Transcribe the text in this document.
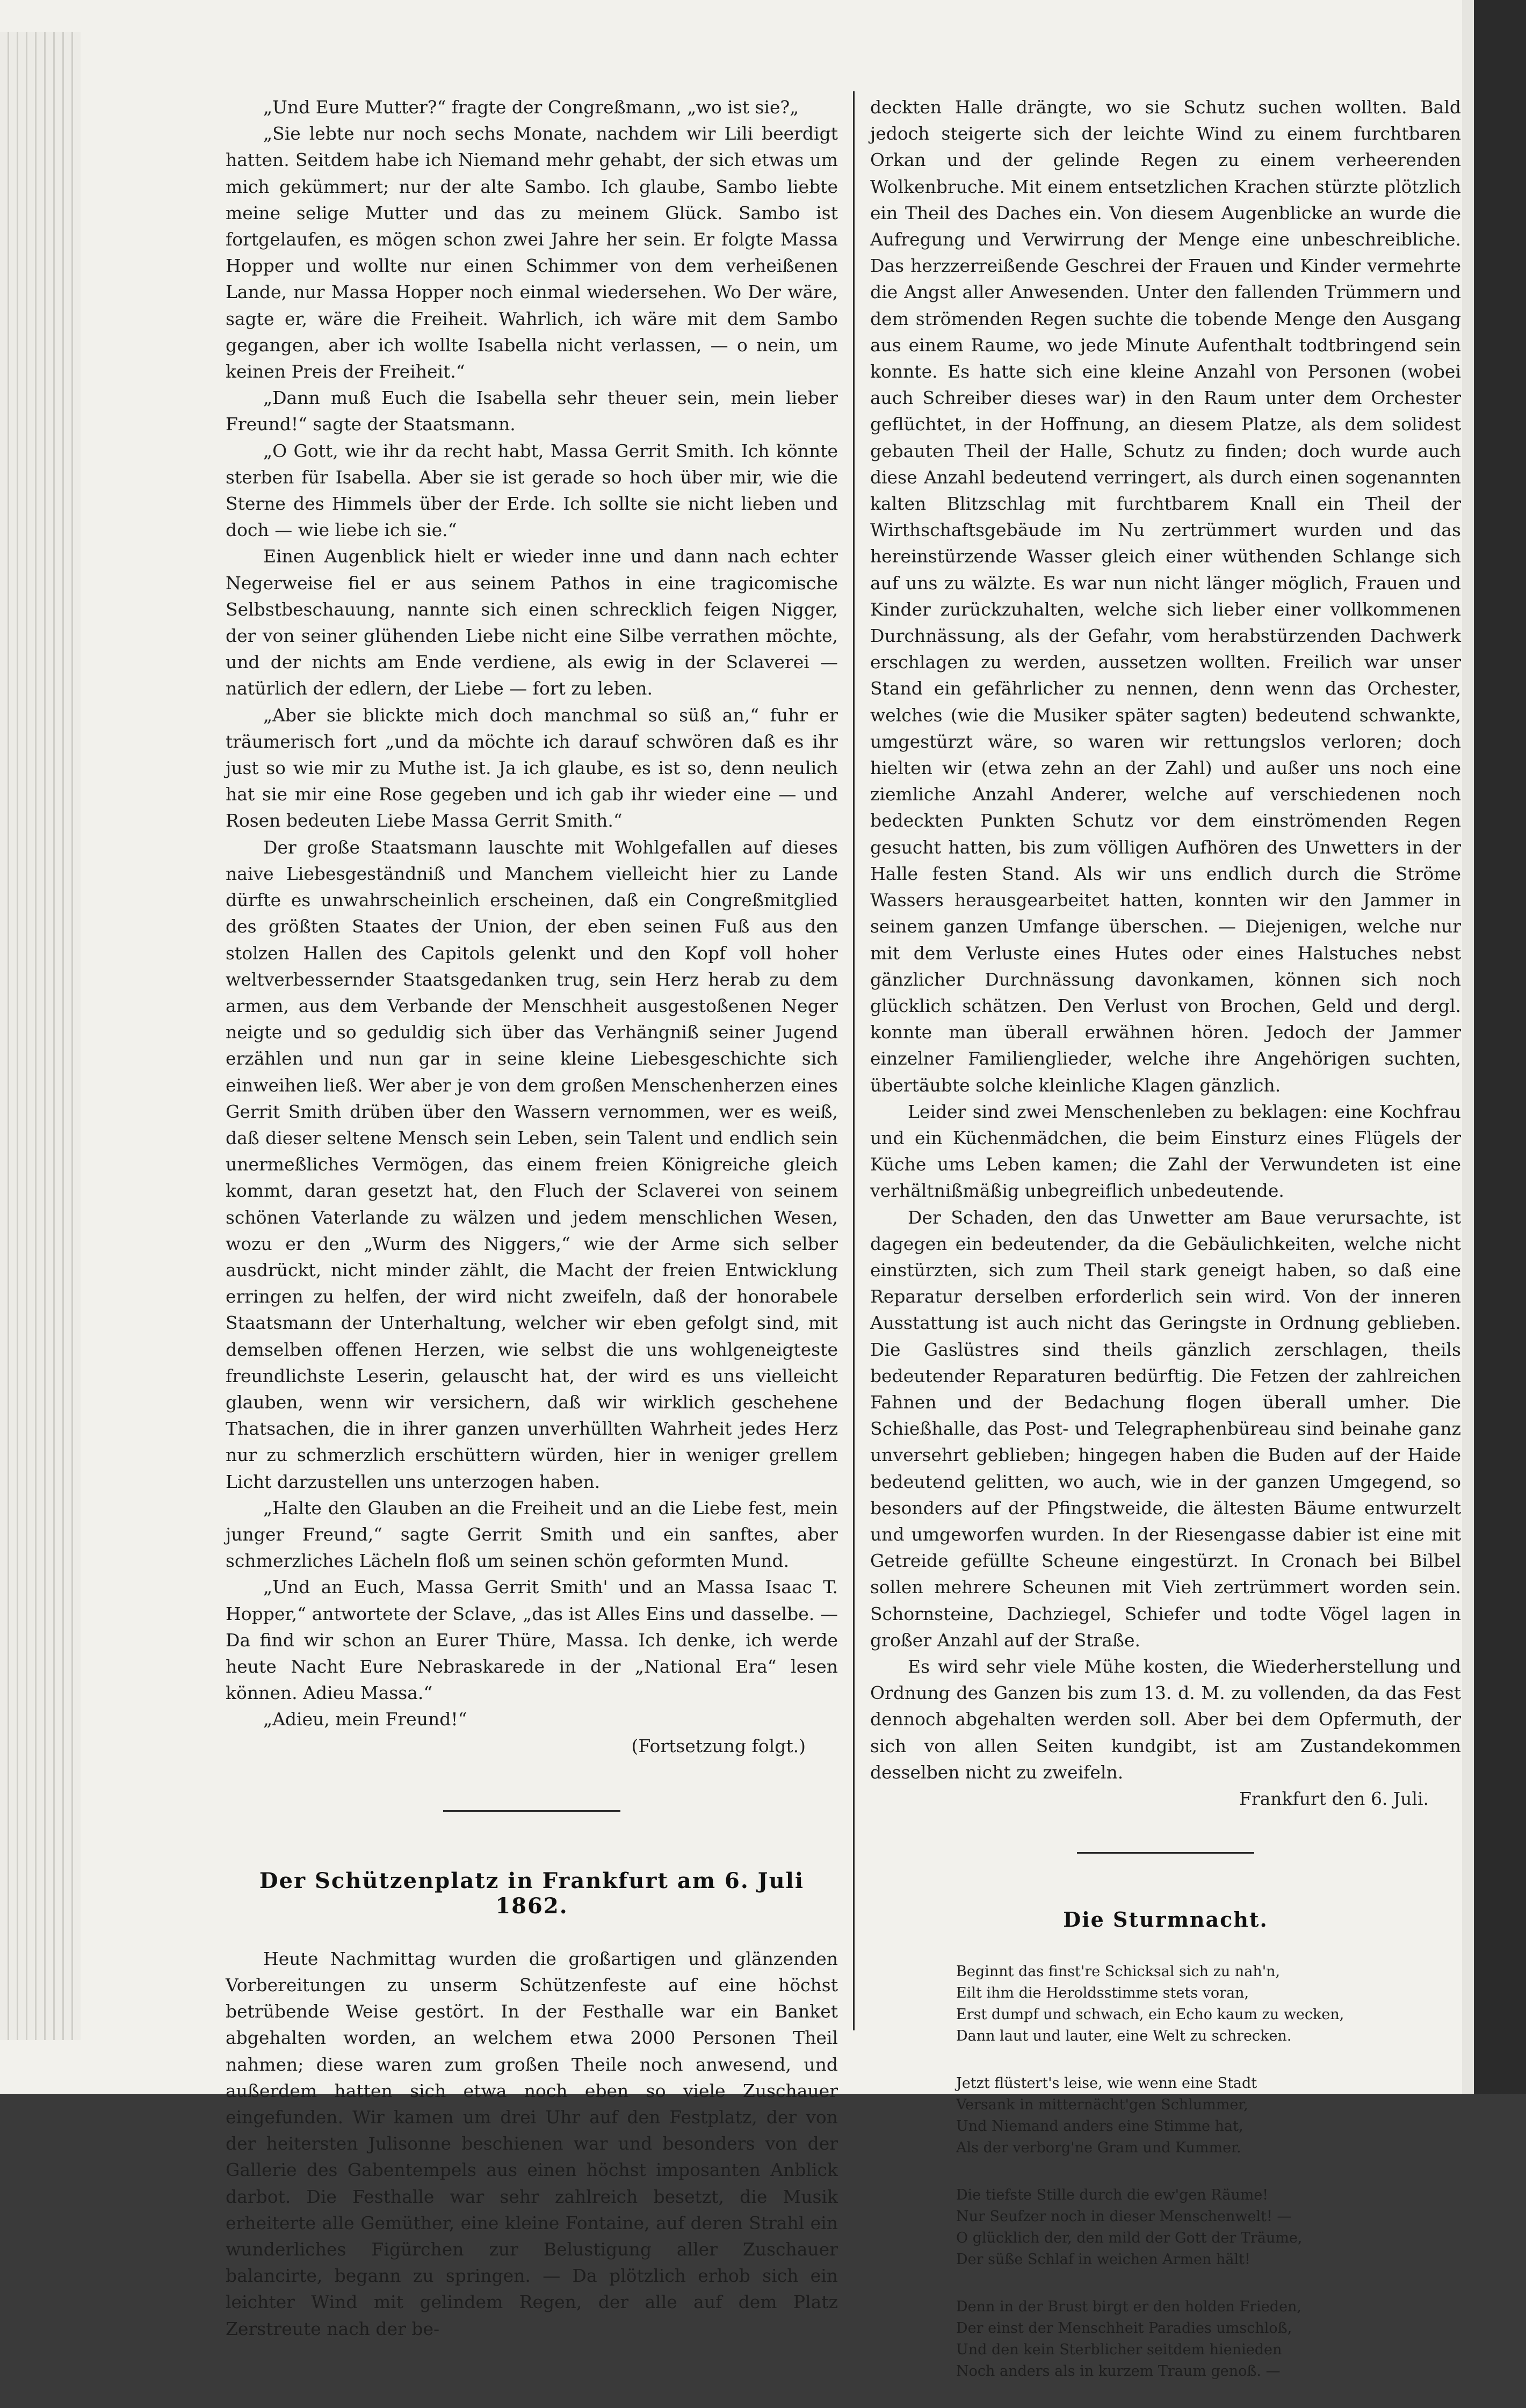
„Und Eure Mutter?“ fragte der Congreßmann, „wo ist sie?„

„Sie lebte nur noch sechs Monate, nachdem wir Lili beerdigt hatten. Seitdem habe ich Niemand mehr gehabt, der sich etwas um mich gekümmert; nur der alte Sambo. Ich glaube, Sambo liebte meine selige Mutter und das zu meinem Glück. Sambo ist fortgelaufen, es mögen schon zwei Jahre her sein. Er folgte Massa Hopper und wollte nur einen Schimmer von dem verheißenen Lande, nur Massa Hopper noch einmal wiedersehen. Wo Der wäre, sagte er, wäre die Freiheit. Wahrlich, ich wäre mit dem Sambo gegangen, aber ich wollte Isabella nicht verlassen, — o nein, um keinen Preis der Freiheit.“

„Dann muß Euch die Isabella sehr theuer sein, mein lieber Freund!“ sagte der Staatsmann.

„O Gott, wie ihr da recht habt, Massa Gerrit Smith. Ich könnte sterben für Isabella. Aber sie ist gerade so hoch über mir, wie die Sterne des Himmels über der Erde. Ich sollte sie nicht lieben und doch — wie liebe ich sie.“

Einen Augenblick hielt er wieder inne und dann nach echter Negerweise fiel er aus seinem Pathos in eine tragicomische Selbstbeschauung, nannte sich einen schrecklich feigen Nigger, der von seiner glühenden Liebe nicht eine Silbe verrathen möchte, und der nichts am Ende verdiene, als ewig in der Sclaverei — natürlich der edlern, der Liebe — fort zu leben.

„Aber sie blickte mich doch manchmal so süß an,“ fuhr er träumerisch fort „und da möchte ich darauf schwören daß es ihr just so wie mir zu Muthe ist. Ja ich glaube, es ist so, denn neulich hat sie mir eine Rose gegeben und ich gab ihr wieder eine — und Rosen bedeuten Liebe Massa Gerrit Smith.“

Der große Staatsmann lauschte mit Wohlgefallen auf dieses naive Liebesgeständniß und Manchem vielleicht hier zu Lande dürfte es unwahrscheinlich erscheinen, daß ein Congreßmitglied des größten Staates der Union, der eben seinen Fuß aus den stolzen Hallen des Capitols gelenkt und den Kopf voll hoher weltverbessernder Staatsgedanken trug, sein Herz herab zu dem armen, aus dem Verbande der Menschheit ausgestoßenen Neger neigte und so geduldig sich über das Verhängniß seiner Jugend erzählen und nun gar in seine kleine Liebesgeschichte sich einweihen ließ. Wer aber je von dem großen Menschenherzen eines Gerrit Smith drüben über den Wassern vernommen, wer es weiß, daß dieser seltene Mensch sein Leben, sein Talent und endlich sein unermeßliches Vermögen, das einem freien Königreiche gleich kommt, daran gesetzt hat, den Fluch der Sclaverei von seinem schönen Vaterlande zu wälzen und jedem menschlichen Wesen, wozu er den „Wurm des Niggers,“ wie der Arme sich selber ausdrückt, nicht minder zählt, die Macht der freien Entwicklung erringen zu helfen, der wird nicht zweifeln, daß der honorabele Staatsmann der Unterhaltung, welcher wir eben gefolgt sind, mit demselben offenen Herzen, wie selbst die uns wohlgeneigteste freundlichste Leserin, gelauscht hat, der wird es uns vielleicht glauben, wenn wir versichern, daß wir wirklich geschehene Thatsachen, die in ihrer ganzen unverhüllten Wahrheit jedes Herz nur zu schmerzlich erschüttern würden, hier in weniger grellem Licht darzustellen uns unterzogen haben.

„Halte den Glauben an die Freiheit und an die Liebe fest, mein junger Freund,“ sagte Gerrit Smith und ein sanftes, aber schmerzliches Lächeln floß um seinen schön geformten Mund.

„Und an Euch, Massa Gerrit Smith' und an Massa Isaac T. Hopper,“ antwortete der Sclave, „das ist Alles Eins und dasselbe. — Da find wir schon an Eurer Thüre, Massa. Ich denke, ich werde heute Nacht Eure Nebraskarede in der „National Era“ lesen können. Adieu Massa.“

„Adieu, mein Freund!“

(Fortsetzung folgt.)

Der Schützenplatz in Frankfurt am 6. Juli 1862.

Heute Nachmittag wurden die großartigen und glänzenden Vorbereitungen zu unserm Schützenfeste auf eine höchst betrübende Weise gestört. In der Festhalle war ein Banket abgehalten worden, an welchem etwa 2000 Personen Theil nahmen; diese waren zum großen Theile noch anwesend, und außerdem hatten sich etwa noch eben so viele Zuschauer eingefunden. Wir kamen um drei Uhr auf den Festplatz, der von der heitersten Julisonne beschienen war und besonders von der Gallerie des Gabentempels aus einen höchst imposanten Anblick darbot. Die Festhalle war sehr zahlreich besetzt, die Musik erheiterte alle Gemüther, eine kleine Fontaine, auf deren Strahl ein wunderliches Figürchen zur Belustigung aller Zuschauer balancirte, begann zu springen. — Da plötzlich erhob sich ein leichter Wind mit gelindem Regen, der alle auf dem Platz Zerstreute nach der be-

deckten Halle drängte, wo sie Schutz suchen wollten. Bald jedoch steigerte sich der leichte Wind zu einem furchtbaren Orkan und der gelinde Regen zu einem verheerenden Wolkenbruche. Mit einem entsetzlichen Krachen stürzte plötzlich ein Theil des Daches ein. Von diesem Augenblicke an wurde die Aufregung und Verwirrung der Menge eine unbeschreibliche. Das herzzerreißende Geschrei der Frauen und Kinder vermehrte die Angst aller Anwesenden. Unter den fallenden Trümmern und dem strömenden Regen suchte die tobende Menge den Ausgang aus einem Raume, wo jede Minute Aufenthalt todtbringend sein konnte. Es hatte sich eine kleine Anzahl von Personen (wobei auch Schreiber dieses war) in den Raum unter dem Orchester geflüchtet, in der Hoffnung, an diesem Platze, als dem solidest gebauten Theil der Halle, Schutz zu finden; doch wurde auch diese Anzahl bedeutend verringert, als durch einen sogenannten kalten Blitzschlag mit furchtbarem Knall ein Theil der Wirthschaftsgebäude im Nu zertrümmert wurden und das hereinstürzende Wasser gleich einer wüthenden Schlange sich auf uns zu wälzte. Es war nun nicht länger möglich, Frauen und Kinder zurückzuhalten, welche sich lieber einer vollkommenen Durchnässung, als der Gefahr, vom herabstürzenden Dachwerk erschlagen zu werden, aussetzen wollten. Freilich war unser Stand ein gefährlicher zu nennen, denn wenn das Orchester, welches (wie die Musiker später sagten) bedeutend schwankte, umgestürzt wäre, so waren wir rettungslos verloren; doch hielten wir (etwa zehn an der Zahl) und außer uns noch eine ziemliche Anzahl Anderer, welche auf verschiedenen noch bedeckten Punkten Schutz vor dem einströmenden Regen gesucht hatten, bis zum völligen Aufhören des Unwetters in der Halle festen Stand. Als wir uns endlich durch die Ströme Wassers herausgearbeitet hatten, konnten wir den Jammer in seinem ganzen Umfange überschen. — Diejenigen, welche nur mit dem Verluste eines Hutes oder eines Halstuches nebst gänzlicher Durchnässung davonkamen, können sich noch glücklich schätzen. Den Verlust von Brochen, Geld und dergl. konnte man überall erwähnen hören. Jedoch der Jammer einzelner Familienglieder, welche ihre Angehörigen suchten, übertäubte solche kleinliche Klagen gänzlich.

Leider sind zwei Menschenleben zu beklagen: eine Kochfrau und ein Küchenmädchen, die beim Einsturz eines Flügels der Küche ums Leben kamen; die Zahl der Verwundeten ist eine verhältnißmäßig unbegreiflich unbedeutende.

Der Schaden, den das Unwetter am Baue verursachte, ist dagegen ein bedeutender, da die Gebäulichkeiten, welche nicht einstürzten, sich zum Theil stark geneigt haben, so daß eine Reparatur derselben erforderlich sein wird. Von der inneren Ausstattung ist auch nicht das Geringste in Ordnung geblieben. Die Gaslüstres sind theils gänzlich zerschlagen, theils bedeutender Reparaturen bedürftig. Die Fetzen der zahlreichen Fahnen und der Bedachung flogen überall umher. Die Schießhalle, das Post- und Telegraphenbüreau sind beinahe ganz unversehrt geblieben; hingegen haben die Buden auf der Haide bedeutend gelitten, wo auch, wie in der ganzen Umgegend, so besonders auf der Pfingstweide, die ältesten Bäume entwurzelt und umgeworfen wurden. In der Riesengasse dabier ist eine mit Getreide gefüllte Scheune eingestürzt. In Cronach bei Bilbel sollen mehrere Scheunen mit Vieh zertrümmert worden sein. Schornsteine, Dachziegel, Schiefer und todte Vögel lagen in großer Anzahl auf der Straße.

Es wird sehr viele Mühe kosten, die Wiederherstellung und Ordnung des Ganzen bis zum 13. d. M. zu vollenden, da das Fest dennoch abgehalten werden soll. Aber bei dem Opfermuth, der sich von allen Seiten kundgibt, ist am Zustandekommen desselben nicht zu zweifeln.

Frankfurt den 6. Juli.

Die Sturmnacht.

Beginnt das finst're Schicksal sich zu nah'n,

Eilt ihm die Heroldsstimme stets voran,

Erst dumpf und schwach, ein Echo kaum zu wecken,

Dann laut und lauter, eine Welt zu schrecken.

Jetzt flüstert's leise, wie wenn eine Stadt

Versank in mitternächt'gen Schlummer,

Und Niemand anders eine Stimme hat,

Als der verborg'ne Gram und Kummer.

Die tiefste Stille durch die ew'gen Räume!

Nur Seufzer noch in dieser Menschenwelt! —

O glücklich der, den mild der Gott der Träume,

Der süße Schlaf in weichen Armen hält!

Denn in der Brust birgt er den holden Frieden,

Der einst der Menschheit Paradies umschloß,

Und den kein Sterblicher seitdem hienieden

Noch anders als in kurzem Traum genoß. —
